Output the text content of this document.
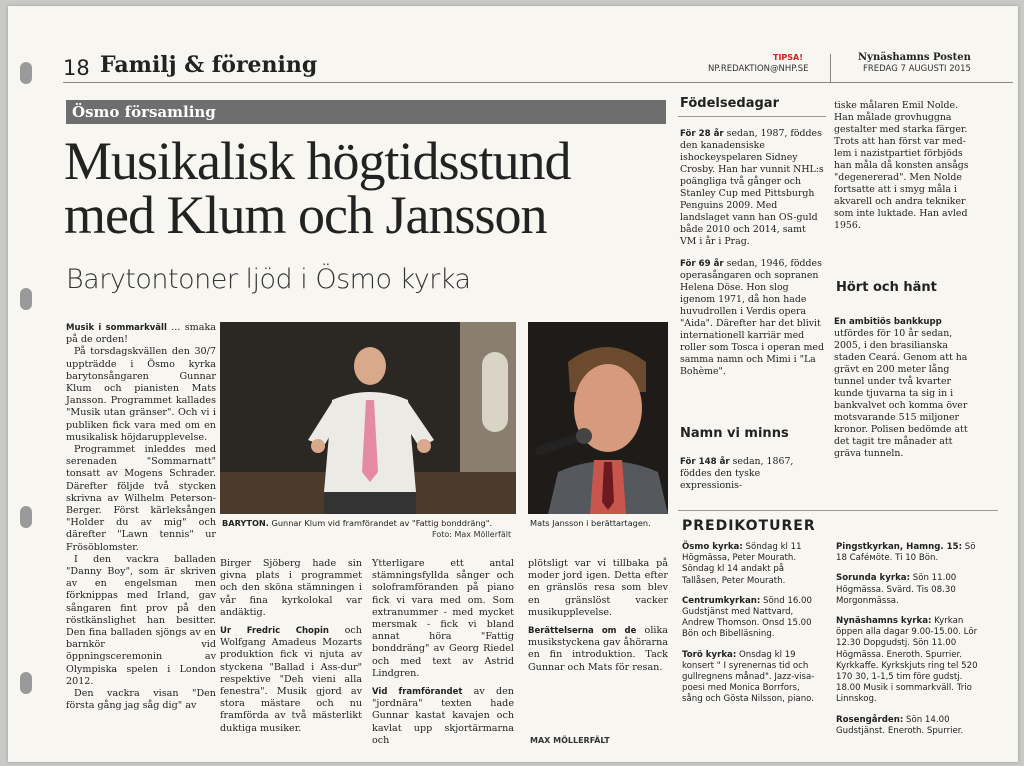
18 Familj & förening	TIPSA!
NP.REDAKTION@NHP.SE
Nynäshamns Posten
FREDAG 7 AUGUSTI 2015
Ösmo församling
Musikalisk högtidsstund
med Klum och Jansson
Barytontoner ljöd i Ösmo kyrka

Musik i sommarkväll ... smaka på de orden!

På torsdagskvällen den 30/7 uppträdde i Ösmo kyrka barytonsångaren Gunnar Klum och pianisten Mats Jansson. Programmet kallades "Musik utan gränser". Och vi i publiken fick vara med om en musikalisk höjdarupplevelse.

Programmet inleddes med serenaden "Sommarnatt" tonsatt av Mogens Schrader. Därefter följde två stycken skrivna av Wilhelm Peterson-Berger. Först kärleksången "Holder du av mig" och därefter "Lawn tennis" ur Frösöblomster.

I den vackra balladen "Danny Boy", som är skriven av en engelsman men förknippas med Irland, gav sångaren fint prov på den röstkänslighet han besitter. Den fina balladen sjöngs av en barnkör vid öppningsceremonin av Olympiska spelen i London 2012.

Den vackra visan "Den första gång jag såg dig" av

BARYTON. Gunnar Klum vid framförandet av "Fattig bonddräng".
Foto: Max Möllerfält
Mats Jansson i berättartagen.

Birger Sjöberg hade sin givna plats i programmet och den sköna stämningen i vår fina kyrkolokal var andäktig.

Ur Fredric Chopin och Wolfgang Amadeus Mozarts produktion fick vi njuta av styckena "Ballad i Ass-dur" respektive "Deh vieni alla fenestra". Musik gjord av stora mästare och nu framförda av två mästerlikt duktiga musiker.

Ytterligare ett antal stämningsfyllda sånger och soloframföranden på piano fick vi vara med om. Som extranummer - med mycket mersmak - fick vi bland annat höra "Fattig bonddräng" av Georg Riedel och med text av Astrid Lindgren.

Vid framförandet av den "jordnära" texten hade Gunnar kastat kavajen och kavlat upp skjortärmarna och

plötsligt var vi tillbaka på moder jord igen. Detta efter en gränslös resa som blev en gränslöst vacker musikupplevelse.

Berättelserna om de olika musikstyckena gav åhörarna en fin introduktion. Tack Gunnar och Mats för resan.

MAX MÖLLERFÄLT
Födelsedagar

För 28 år sedan, 1987, föddes den kanadensiske ishockeyspelaren Sidney Crosby. Han har vunnit NHL:s poängliga två gånger och Stanley Cup med Pittsburgh Penguins 2009. Med landslaget vann han OS-guld både 2010 och 2014, samt VM i år i Prag.

För 69 år sedan, 1946, föddes operasångaren och sopranen Helena Döse. Hon slog igenom 1971, då hon hade huvudrollen i Verdis opera "Aida". Därefter har det blivit internationell karriär med roller som Tosca i operan med samma namn och Mimi i "La Bohème".

Namn vi minns
För 148 år sedan, 1867, föddes den tyske expressionis-
tiske målaren Emil Nolde. Han målade grovhuggna gestalter med starka färger. Trots att han först var med-lem i nazistpartiet förbjöds han måla då konsten ansågs "degenererad". Men Nolde fortsatte att i smyg måla i akvarell och andra tekniker som inte luktade. Han avled 1956.
Hört och hänt
En ambitiös bankkupp utfördes för 10 år sedan, 2005, i den brasilianska staden Ceará. Genom att ha grävt en 200 meter lång tunnel under två kvarter kunde tjuvarna ta sig in i bankvalvet och komma över motsvarande 515 miljoner kronor. Polisen bedömde att det tagit tre månader att gräva tunneln.
PREDIKOTURER

Ösmo kyrka: Söndag kl 11 Högmässa, Peter Mourath. Söndag kl 14 andakt på Tallåsen, Peter Mourath.

Centrumkyrkan: Sönd 16.00 Gudstjänst med Nattvard, Andrew Thomson. Onsd 15.00 Bön och Bibelläsning.

Torö kyrka: Onsdag kl 19 konsert " I syrenernas tid och gullregnens månad". Jazz-visa-poesi med Monica Borrfors, sång och Gösta Nilsson, piano.

Pingstkyrkan, Hamng. 15: Sö 18 Caféмöte. Ti 10 Bön.

Sorunda kyrka: Sön 11.00 Högmässa. Svärd. Tis 08.30 Morgonmässa.

Nynäshamns kyrka: Kyrkan öppen alla dagar 9.00-15.00. Lör 12.30 Dopgudstj. Sön 11.00 Högmässa. Eneroth. Spurrier. Kyrkkaffe. Kyrkskjuts ring tel 520 170 30, 1-1,5 tim före gudstj. 18.00 Musik i sommarkväll. Trio Linnskog.

Rosengården: Sön 14.00 Gudstjänst. Eneroth. Spurrier.
